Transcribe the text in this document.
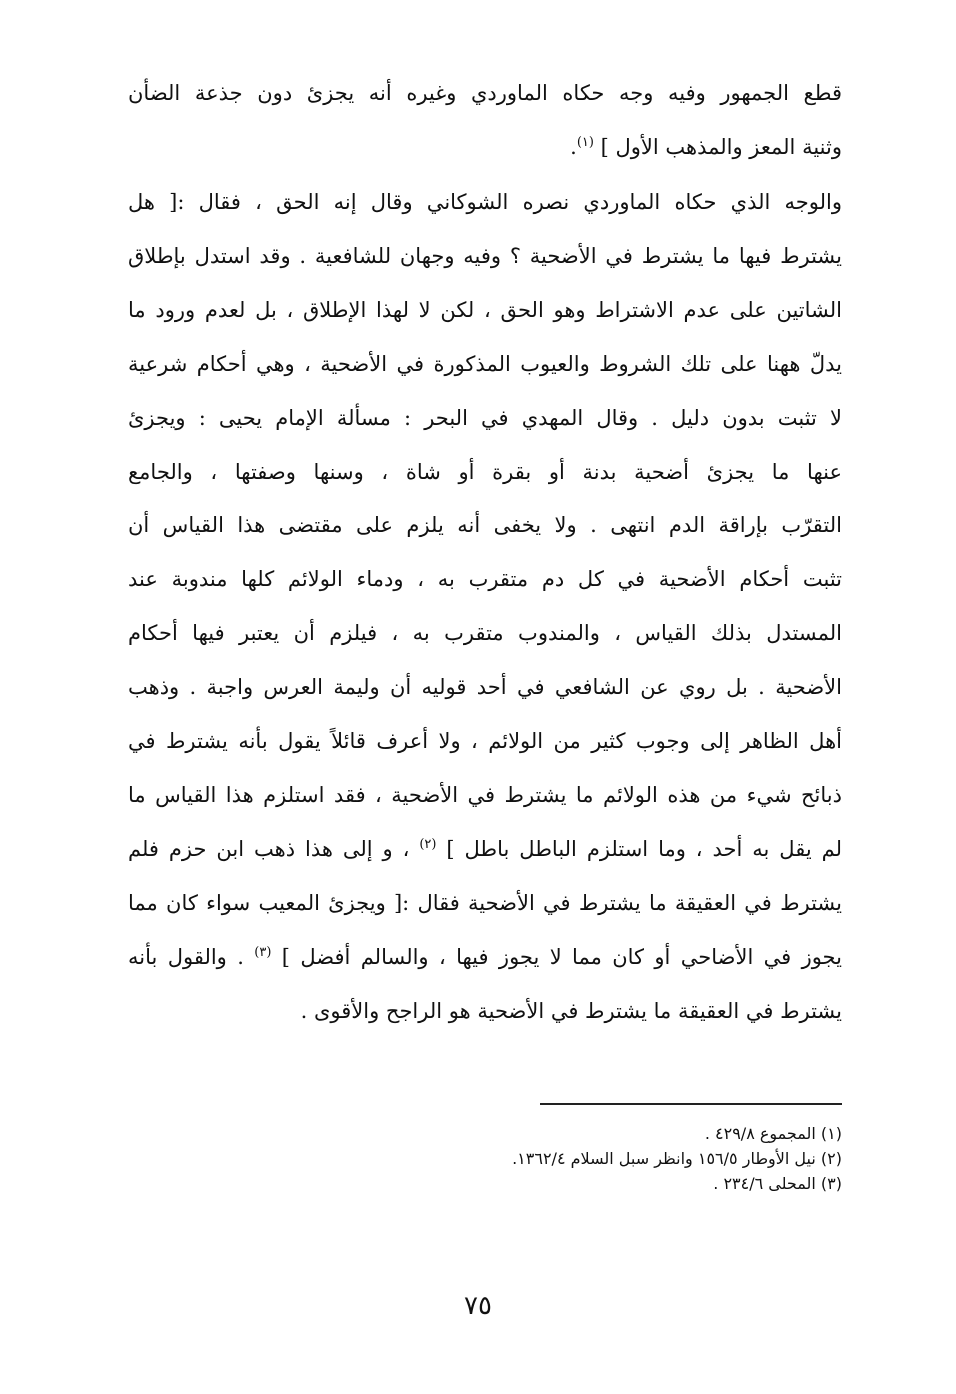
قطع الجمهور وفيه وجه حكاه الماوردي وغيره أنه يجزئ دون جذعة الضأن
وثنية المعز والمذهب الأول ] $^{(١)}$.
والوجه الذي حكاه الماوردي نصره الشوكاني وقال إنه الحق ، فقال :[ هل
يشترط فيها ما يشترط في الأضحية ؟ وفيه وجهان للشافعية . وقد استدل بإطلاق
الشاتين على عدم الاشتراط وهو الحق ، لكن لا لهذا الإطلاق ، بل لعدم ورود ما
يدلّ ههنا على تلك الشروط والعيوب المذكورة في الأضحية ، وهي أحكام شرعية
لا تثبت بدون دليل . وقال المهدي في البحر : مسألة الإمام يحيى : ويجزئ
عنها ما يجزئ أضحية بدنة أو بقرة أو شاة ، وسنها وصفتها ، والجامع
التقرّب بإراقة الدم انتهى . ولا يخفى أنه يلزم على مقتضى هذا القياس أن
تثبت أحكام الأضحية في كل دم متقرب به ، ودماء الولائم كلها مندوبة عند
المستدل بذلك القياس ، والمندوب متقرب به ، فيلزم أن يعتبر فيها أحكام
الأضحية . بل روي عن الشافعي في أحد قوليه أن وليمة العرس واجبة . وذهب
أهل الظاهر إلى وجوب كثير من الولائم ، ولا أعرف قائلاً يقول بأنه يشترط في
ذبائح شيء من هذه الولائم ما يشترط في الأضحية ، فقد استلزم هذا القياس ما
لم يقل به أحد ، وما استلزم الباطل باطل ] $^{(٢)}$ ، و إلى هذا ذهب ابن حزم فلم
يشترط في العقيقة ما يشترط في الأضحية فقال :[ ويجزئ المعيب سواء كان مما
يجوز في الأضاحي أو كان مما لا يجوز فيها ، والسالم أفضل ] $^{(٣)}$ . والقول بأنه
يشترط في العقيقة ما يشترط في الأضحية هو الراجح والأقوى .
(١) المجموع ٤٢٩/٨ .
(٢) نيل الأوطار ١٥٦/٥ وانظر سبل السلام ١٣٦٢/٤.
(٣) المحلى ٢٣٤/٦ .
٧٥
